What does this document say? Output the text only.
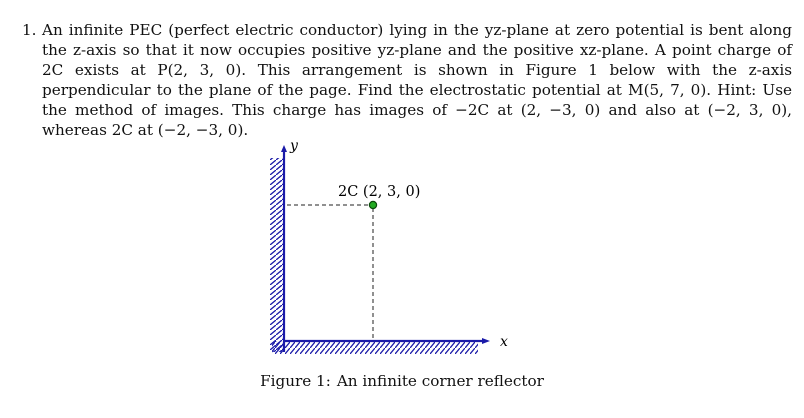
1. An infinite PEC (perfect electric conductor) lying in the yz-plane at zero potential is bent along the z-axis so that it now occupies positive yz-plane and the positive xz-plane. A point charge of 2C exists at P(2, 3, 0). This arrangement is shown in Figure 1 below with the z-axis perpendicular to the plane of the page. Find the electrostatic potential at M(5, 7, 0). Hint: Use the method of images. This charge has images of −2C at (2, −3, 0) and also at (−2, 3, 0), whereas 2C at (−2, −3, 0).
y
x
2C (2, 3, 0)
Figure 1: An infinite corner reflector
